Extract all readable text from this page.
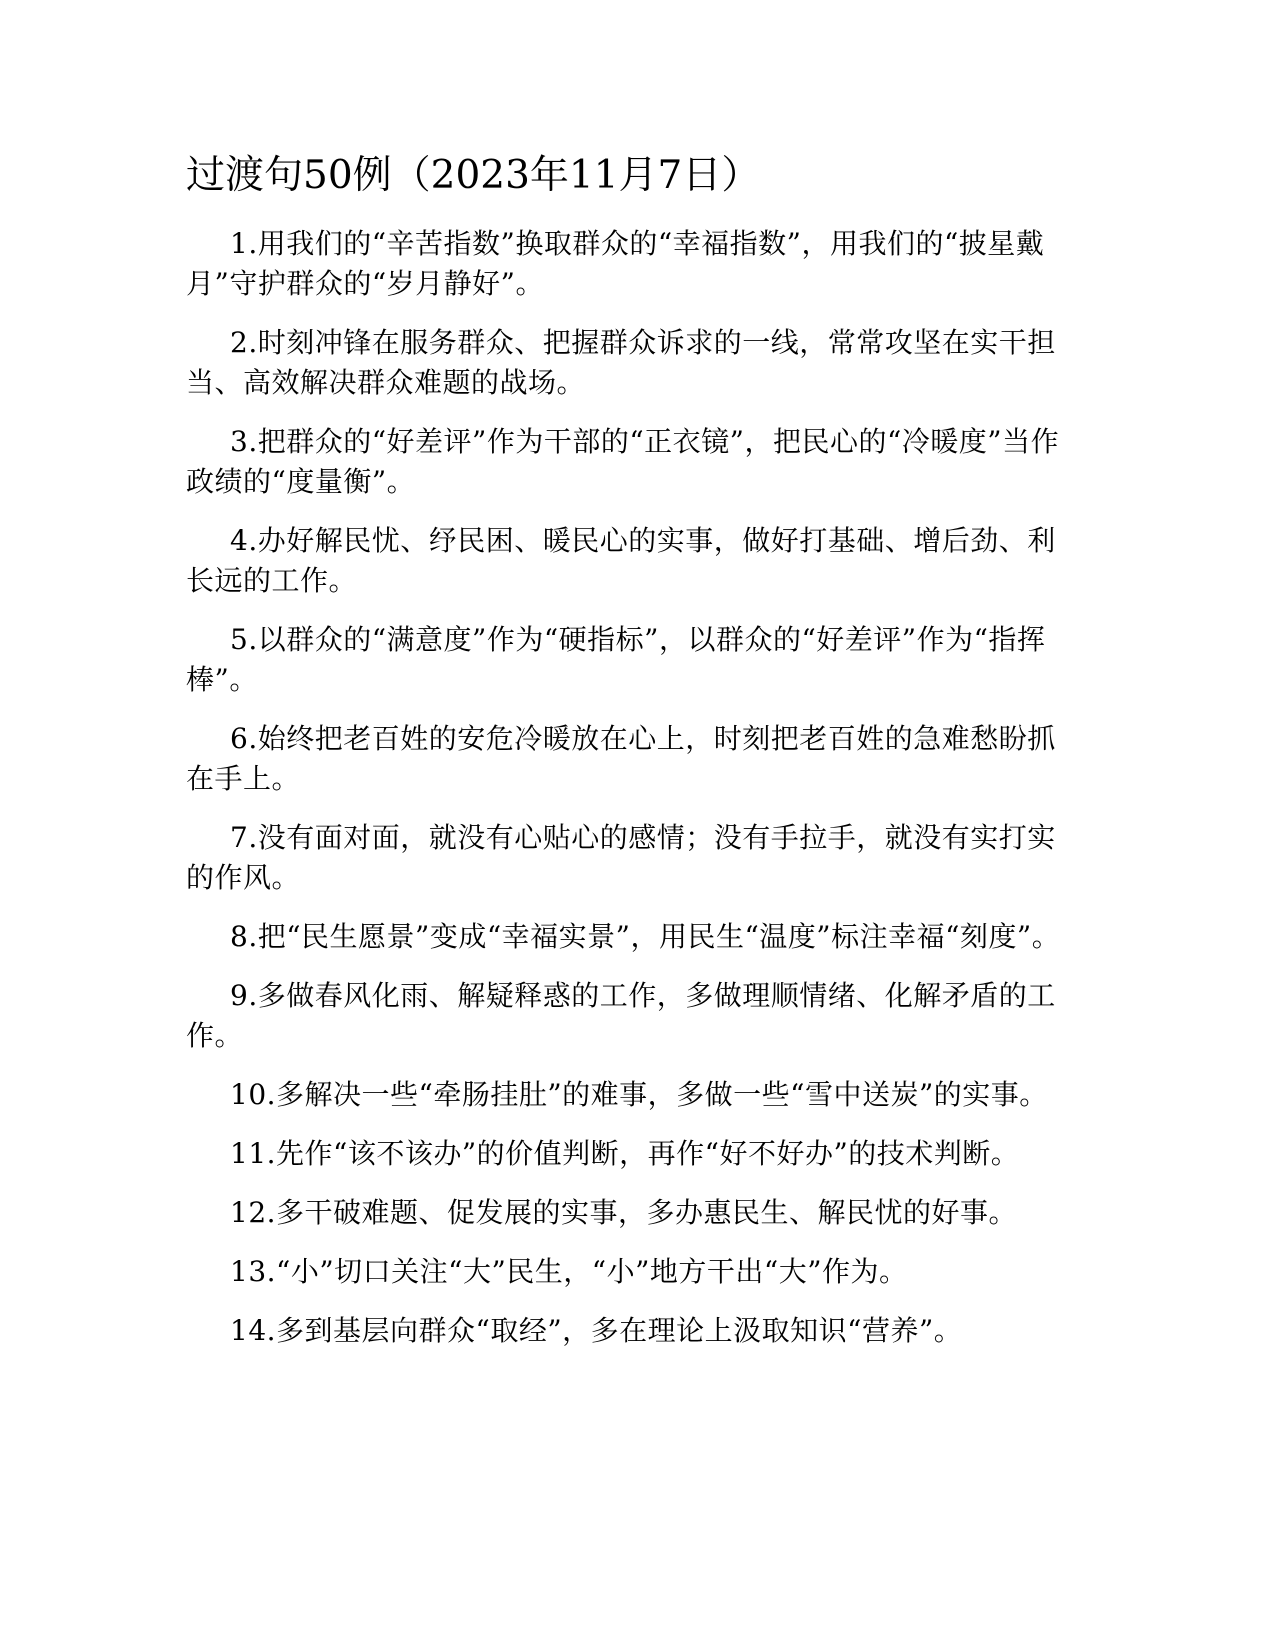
过渡句50例（2023年11月7日）
1.用我们的“辛苦指数”换取群众的“幸福指数”，用我们的“披星戴月”守护群众的“岁月静好”。
2.时刻冲锋在服务群众、把握群众诉求的一线，常常攻坚在实干担当、高效解决群众难题的战场。
3.把群众的“好差评”作为干部的“正衣镜”，把民心的“冷暖度”当作政绩的“度量衡”。
4.办好解民忧、纾民困、暖民心的实事，做好打基础、增后劲、利长远的工作。
5.以群众的“满意度”作为“硬指标”，以群众的“好差评”作为“指挥棒”。
6.始终把老百姓的安危冷暖放在心上，时刻把老百姓的急难愁盼抓在手上。
7.没有面对面，就没有心贴心的感情；没有手拉手，就没有实打实的作风。
8.把“民生愿景”变成“幸福实景”，用民生“温度”标注幸福“刻度”。
9.多做春风化雨、解疑释惑的工作，多做理顺情绪、化解矛盾的工作。
10.多解决一些“牵肠挂肚”的难事，多做一些“雪中送炭”的实事。
11.先作“该不该办”的价值判断，再作“好不好办”的技术判断。
12.多干破难题、促发展的实事，多办惠民生、解民忧的好事。
13.“小”切口关注“大”民生，“小”地方干出“大”作为。
14.多到基层向群众“取经”，多在理论上汲取知识“营养”。
